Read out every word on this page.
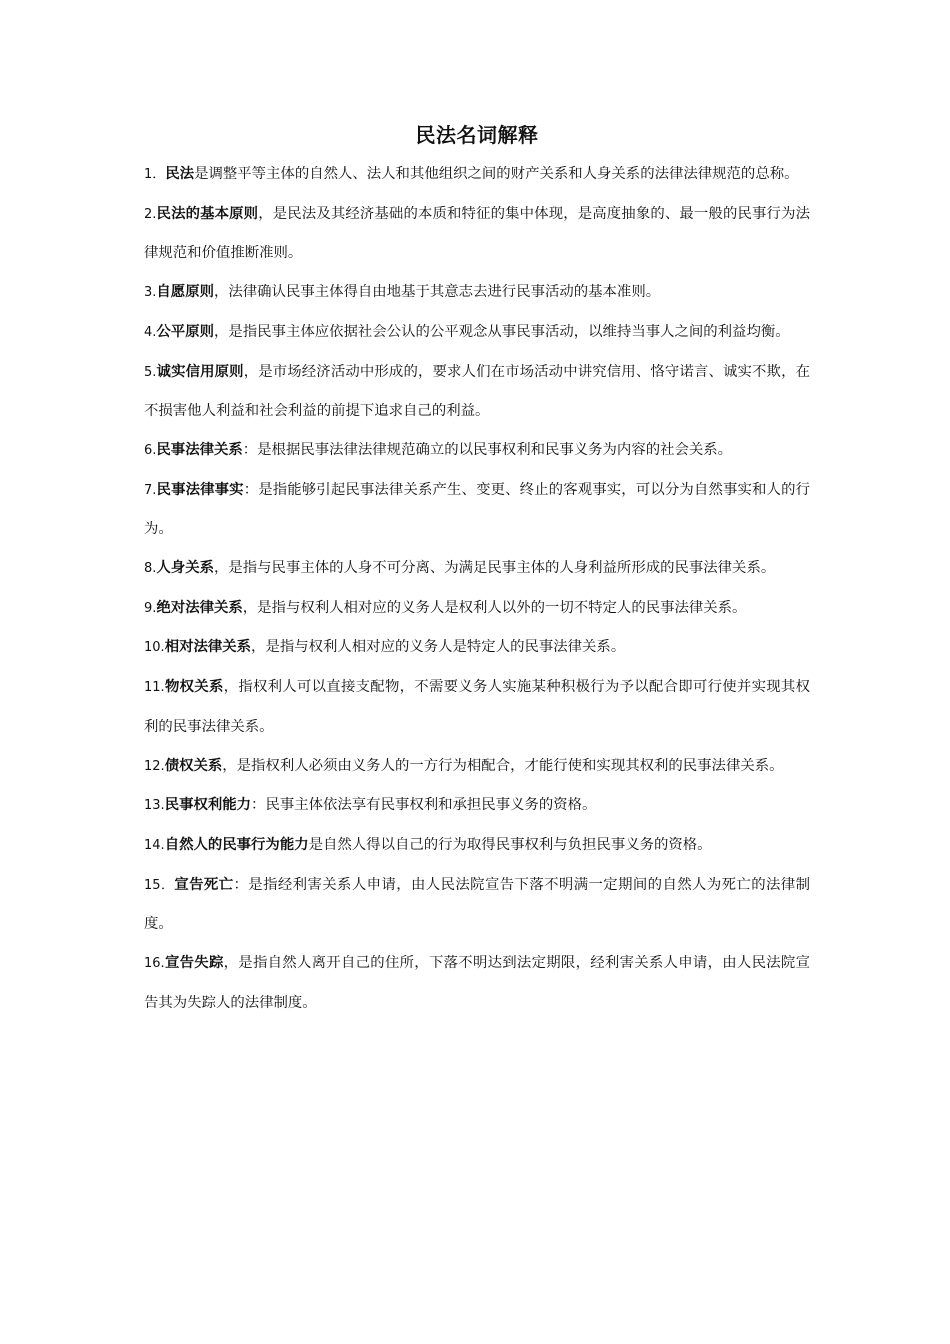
民法名词解释

1．民法是调整平等主体的自然人、法人和其他组织之间的财产关系和人身关系的法律法律规范的总称。

2.民法的基本原则，是民法及其经济基础的本质和特征的集中体现，是高度抽象的、最一般的民事行为法律规范和价值推断准则。

3.自愿原则，法律确认民事主体得自由地基于其意志去进行民事活动的基本准则。

4.公平原则，是指民事主体应依据社会公认的公平观念从事民事活动，以维持当事人之间的利益均衡。

5.诚实信用原则，是市场经济活动中形成的，要求人们在市场活动中讲究信用、恪守诺言、诚实不欺，在不损害他人利益和社会利益的前提下追求自己的利益。

6.民事法律关系：是根据民事法律法律规范确立的以民事权利和民事义务为内容的社会关系。

7.民事法律事实：是指能够引起民事法律关系产生、变更、终止的客观事实，可以分为自然事实和人的行为。

8.人身关系，是指与民事主体的人身不可分离、为满足民事主体的人身利益所形成的民事法律关系。

9.绝对法律关系，是指与权利人相对应的义务人是权利人以外的一切不特定人的民事法律关系。

10.相对法律关系，是指与权利人相对应的义务人是特定人的民事法律关系。

11.物权关系，指权利人可以直接支配物，不需要义务人实施某种积极行为予以配合即可行使并实现其权利的民事法律关系。

12.债权关系，是指权利人必须由义务人的一方行为相配合，才能行使和实现其权利的民事法律关系。

13.民事权利能力：民事主体依法享有民事权利和承担民事义务的资格。

14.自然人的民事行为能力是自然人得以自己的行为取得民事权利与负担民事义务的资格。

15．宣告死亡：是指经利害关系人申请，由人民法院宣告下落不明满一定期间的自然人为死亡的法律制度。

16.宣告失踪，是指自然人离开自己的住所，下落不明达到法定期限，经利害关系人申请，由人民法院宣告其为失踪人的法律制度。
